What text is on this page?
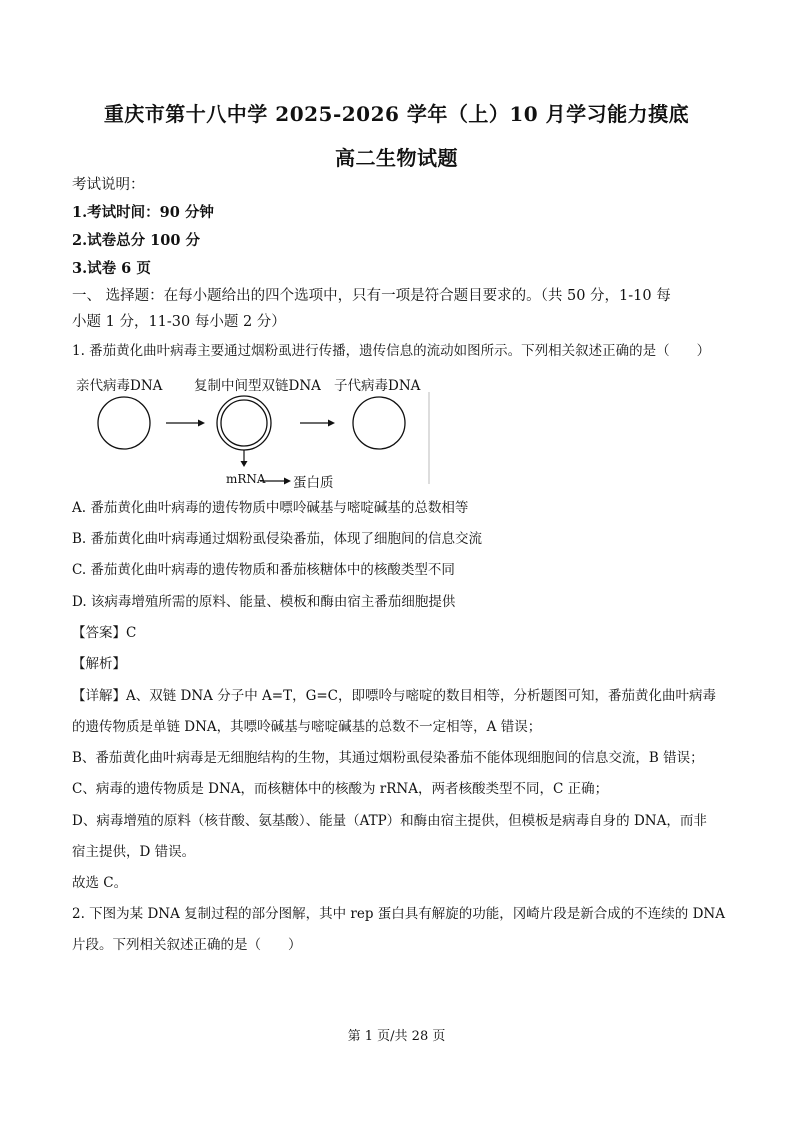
重庆市第十八中学 2025-2026 学年（上）10 月学习能力摸底
高二生物试题
考试说明：
1.考试时间：90 分钟
2.试卷总分 100 分
3.试卷 6 页
一、 选择题：在每小题给出的四个选项中，只有一项是符合题目要求的。（共 50 分，1-10 每
小题 1 分，11-30 每小题 2 分）
1. 番茄黄化曲叶病毒主要通过烟粉虱进行传播，遗传信息的流动如图所示。下列相关叙述正确的是（　　）
亲代病毒DNA 复制中间型双链DNA 子代病毒DNA
mRNA 蛋白质
A. 番茄黄化曲叶病毒的遗传物质中嘌呤碱基与嘧啶碱基的总数相等
B. 番茄黄化曲叶病毒通过烟粉虱侵染番茄，体现了细胞间的信息交流
C. 番茄黄化曲叶病毒的遗传物质和番茄核糖体中的核酸类型不同
D. 该病毒增殖所需的原料、能量、模板和酶由宿主番茄细胞提供
【答案】C
【解析】
【详解】A、双链 DNA 分子中 A=T，G=C，即嘌呤与嘧啶的数目相等，分析题图可知，番茄黄化曲叶病毒
的遗传物质是单链 DNA，其嘌呤碱基与嘧啶碱基的总数不一定相等，A 错误；
B、番茄黄化曲叶病毒是无细胞结构的生物，其通过烟粉虱侵染番茄不能体现细胞间的信息交流，B 错误；
C、病毒的遗传物质是 DNA，而核糖体中的核酸为 rRNA，两者核酸类型不同，C 正确；
D、病毒增殖的原料（核苷酸、氨基酸）、能量（ATP）和酶由宿主提供，但模板是病毒自身的 DNA，而非
宿主提供，D 错误。
故选 C。
2. 下图为某 DNA 复制过程的部分图解，其中 rep 蛋白具有解旋的功能，冈崎片段是新合成的不连续的 DNA
片段。下列相关叙述正确的是（　　）
第 1 页/共 28 页
